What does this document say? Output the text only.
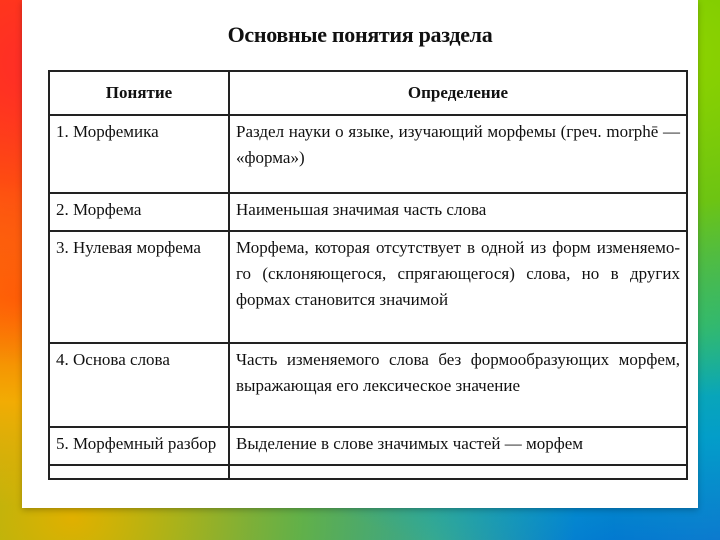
Основные понятия раздела
Понятие	Определение
1. Морфемика	Раздел науки о языке, изучающий морфемы (греч. morphē — «форма»)
2. Морфема	Наименьшая значимая часть слова
3. Нулевая морфема	Морфема, которая отсутствует в одной из форм изменяемо-го (склоняющегося, спрягающегося) слова, но в других формах становится значимой
4. Основа слова	Часть изменяемого слова без формообразующих морфем, выражающая его лексическое значение
5. Морфемный разбор	Выделение в слове значимых частей — морфем
